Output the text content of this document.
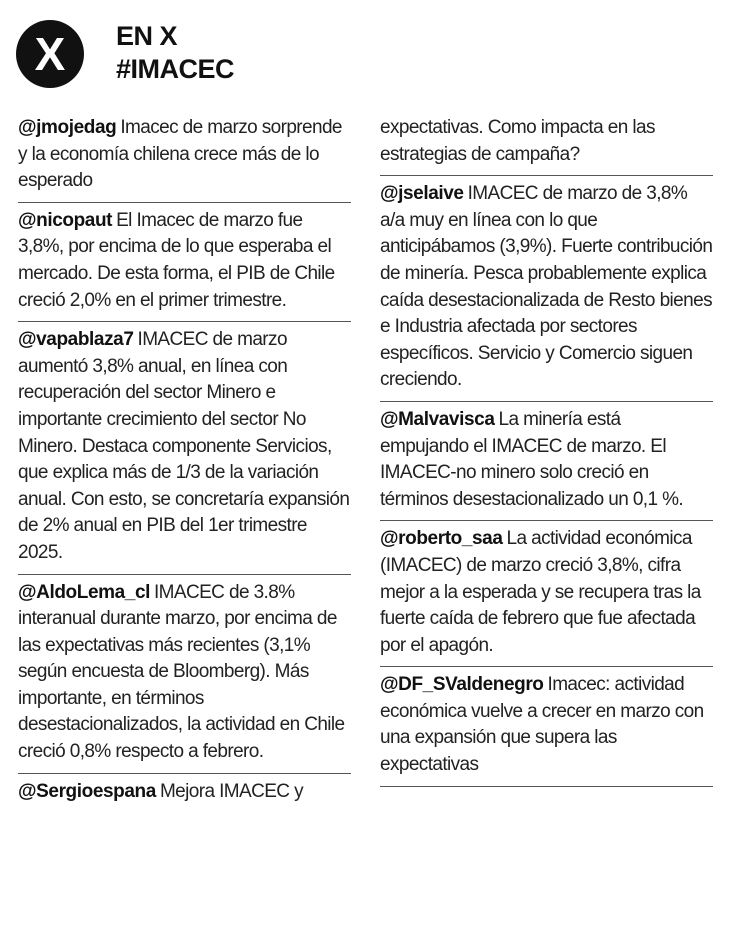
X	EN X
#IMACEC
@jmojedag Imacec de marzo sorprende y la economía chilena crece más de lo esperado
@nicopaut El Imacec de marzo fue 3,8%, por encima de lo que esperaba el mercado. De esta forma, el PIB de Chile creció 2,0% en el primer trimestre.
@vapablaza7 IMACEC de marzo aumentó 3,8% anual, en línea con recuperación del sector Minero e importante crecimiento del sector No Minero. Destaca componente Servicios, que explica más de 1/3 de la variación anual. Con esto, se concretaría expansión de 2% anual en PIB del 1er trimestre 2025.
@AldoLema_cl IMACEC de 3.8% interanual durante marzo, por encima de las expectativas más recientes (3,1% según encuesta de Bloomberg). Más importante, en términos desestacionalizados, la actividad en Chile creció 0,8% respecto a febrero.
@Sergioespana Mejora IMACEC y
expectativas. Como impacta en las estrategias de campaña?
@jselaive IMACEC de marzo de 3,8% a/a muy en línea con lo que anticipábamos (3,9%). Fuerte contribución de minería. Pesca probablemente explica caída desestacionalizada de Resto bienes e Industria afectada por sectores específicos. Servicio y Comercio siguen creciendo.
@Malvavisca La minería está empujando el IMACEC de marzo. El IMACEC-no minero solo creció en términos desestacionalizado un 0,1 %.
@roberto_saa La actividad económica (IMACEC) de marzo creció 3,8%, cifra mejor a la esperada y se recupera tras la fuerte caída de febrero que fue afectada por el apagón.
@DF_SValdenegro Imacec: actividad económica vuelve a crecer en marzo con una expansión que supera las expectativas
